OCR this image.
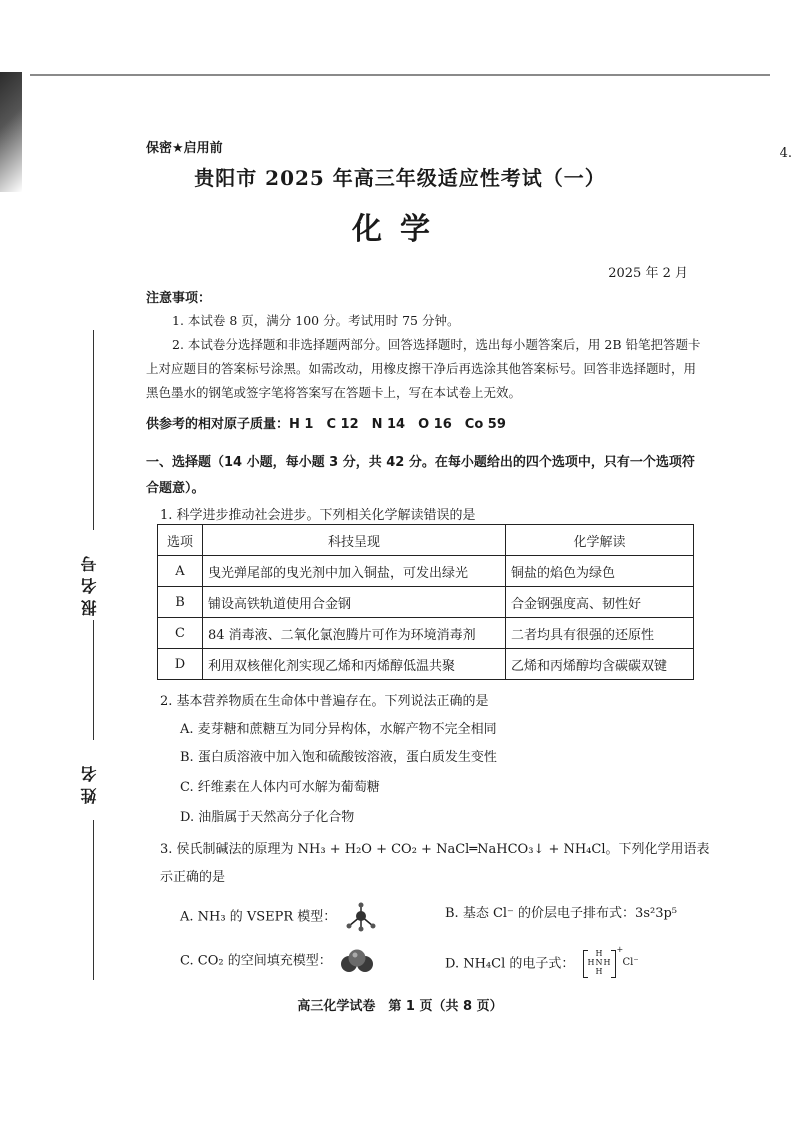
4.
报名号
姓名
保密★启用前
贵阳市 2025 年高三年级适应性考试（一）
化学
2025 年 2 月
注意事项：

1. 本试卷 8 页，满分 100 分。考试用时 75 分钟。

2. 本试卷分选择题和非选择题两部分。回答选择题时，选出每小题答案后，用 2B 铅笔把答题卡上对应题目的答案标号涂黑。如需改动，用橡皮擦干净后再选涂其他答案标号。回答非选择题时，用黑色墨水的钢笔或签字笔将答案写在答题卡上，写在本试卷上无效。

供参考的相对原子质量：H 1　C 12　N 14　O 16　Co 59
一、选择题（14 小题，每小题 3 分，共 42 分。在每小题给出的四个选项中，只有一个选项符合题意）。
1. 科学进步推动社会进步。下列相关化学解读错误的是
选项	科技呈现	化学解读
A	曳光弹尾部的曳光剂中加入铜盐，可发出绿光	铜盐的焰色为绿色
B	铺设高铁轨道使用合金钢	合金钢强度高、韧性好
C	84 消毒液、二氧化氯泡腾片可作为环境消毒剂	二者均具有很强的还原性
D	利用双核催化剂实现乙烯和丙烯醇低温共聚	乙烯和丙烯醇均含碳碳双键
2. 基本营养物质在生命体中普遍存在。下列说法正确的是
A. 麦芽糖和蔗糖互为同分异构体，水解产物不完全相同
B. 蛋白质溶液中加入饱和硫酸铵溶液，蛋白质发生变性
C. 纤维素在人体内可水解为葡萄糖
D. 油脂属于天然高分子化合物
3. 侯氏制碱法的原理为 NH₃ + H₂O + CO₂ + NaCl═NaHCO₃↓ + NH₄Cl。下列化学用语表示正确的是
A. NH₃ 的 VSEPR 模型：	B. 基态 Cl⁻ 的价层电子排布式：3s²3p⁵
C. CO₂ 的空间填充模型：	D. NH₄Cl 的电子式：
H
H N H
H
+
Cl⁻
高三化学试卷　第 1 页（共 8 页）
